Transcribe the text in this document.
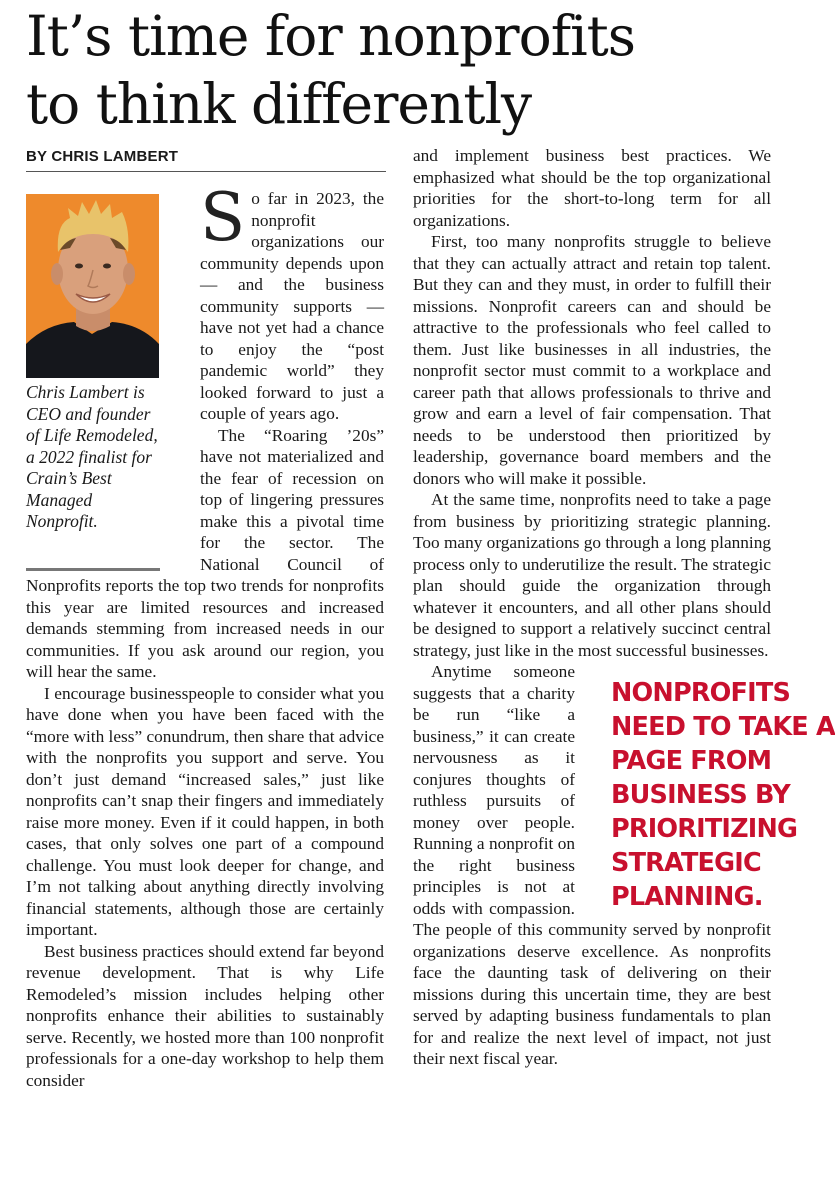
It’s time for nonprofits
to think differently
BY CHRIS LAMBERT

Chris Lambert is CEO and founder of Life Remodeled, a 2022 finalist for Crain’s Best Managed Nonprofit.

So far in 2023, the nonprofit organizations our community depends upon — and the business community supports — have not yet had a chance to enjoy the “post pandemic world” they looked forward to just a couple of years ago.

The “Roaring ’20s” have not materialized and the fear of recession on top of lingering pressures make this a pivotal time for the sector. The National Council of Nonprofits reports the top two trends for nonprofits this year are limited resources and increased demands stemming from increased needs in our communities. If you ask around our region, you will hear the same.

I encourage businesspeople to consider what you have done when you have been faced with the “more with less” conundrum, then share that advice with the nonprofits you support and serve. You don’t just demand “increased sales,” just like nonprofits can’t snap their fingers and immediately raise more money. Even if it could happen, in both cases, that only solves one part of a compound challenge. You must look deeper for change, and I’m not talking about anything directly involving financial statements, although those are certainly important.

Best business practices should extend far beyond revenue development. That is why Life Remodeled’s mission includes helping other nonprofits enhance their abilities to sustainably serve. Recently, we hosted more than 100 nonprofit professionals for a one-day workshop to help them consider

and implement business best practices. We emphasized what should be the top organizational priorities for the short-to-long term for all organizations.

First, too many nonprofits struggle to believe that they can actually attract and retain top talent. But they can and they must, in order to fulfill their missions. Nonprofit careers can and should be attractive to the professionals who feel called to them. Just like businesses in all industries, the nonprofit sector must commit to a workplace and career path that allows professionals to thrive and grow and earn a level of fair compensation. That needs to be understood then prioritized by leadership, governance board members and the donors who will make it possible.

At the same time, nonprofits need to take a page from business by prioritizing strategic planning. Too many organizations go through a long planning process only to underutilize the result. The strategic plan should guide the organization through whatever it encounters, and all other plans should be designed to support a relatively succinct central strategy, just like in the most successful businesses.

Anytime someone suggests that a charity be run “like a business,” it can create nervousness as it conjures thoughts of ruthless pursuits of money over people. Running a nonprofit on the right business principles is not at odds with compassion. The people of this community served by nonprofit organizations deserve excellence. As nonprofits face the daunting task of delivering on their missions during this uncertain time, they are best served by adapting business fundamentals to plan for and realize the next level of impact, not just their next fiscal year.

NONPROFITS
NEED TO TAKE A
PAGE FROM
BUSINESS BY
PRIORITIZING
STRATEGIC
PLANNING.
